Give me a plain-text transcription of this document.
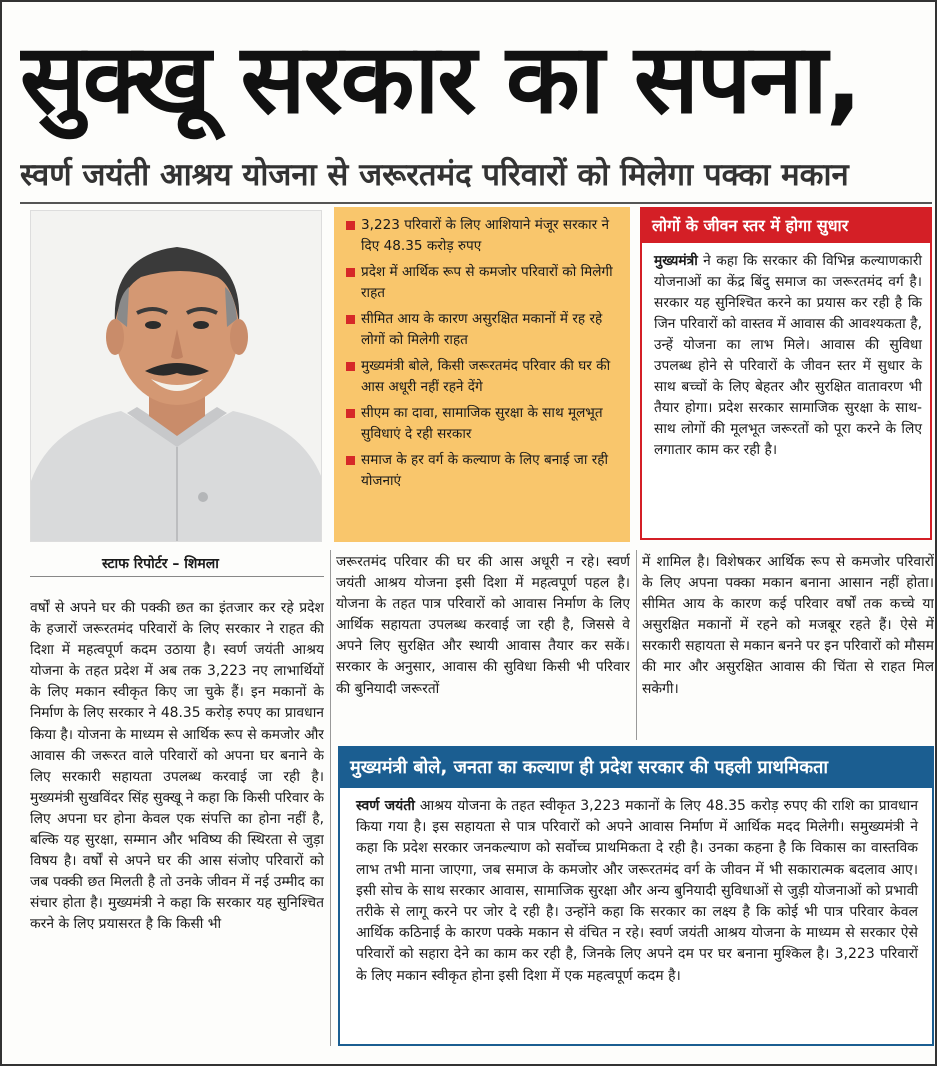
सुक्खू सरकार का सपना,
स्वर्ण जयंती आश्रय योजना से जरूरतमंद परिवारों को मिलेगा पक्का मकान
3,223 परिवारों के लिए आशियाने मंजूर सरकार ने दिए 48.35 करोड़ रुपए
प्रदेश में आर्थिक रूप से कमजोर परिवारों को मिलेगी राहत
सीमित आय के कारण असुरक्षित मकानों में रह रहे लोगों को मिलेगी राहत
मुख्यमंत्री बोले, किसी जरूरतमंद परिवार की घर की आस अधूरी नहीं रहने देंगे
सीएम का दावा, सामाजिक सुरक्षा के साथ मूलभूत सुविधाएं दे रही सरकार
समाज के हर वर्ग के कल्याण के लिए बनाई जा रही योजनाएं
लोगों के जीवन स्तर में होगा सुधार

मुख्यमंत्री ने कहा कि सरकार की विभिन्न कल्याणकारी योजनाओं का केंद्र बिंदु समाज का जरूरतमंद वर्ग है। सरकार यह सुनिश्चित करने का प्रयास कर रही है कि जिन परिवारों को वास्तव में आवास की आवश्यकता है, उन्हें योजना का लाभ मिले। आवास की सुविधा उपलब्ध होने से परिवारों के जीवन स्तर में सुधार के साथ बच्चों के लिए बेहतर और सुरक्षित वातावरण भी तैयार होगा। प्रदेश सरकार सामाजिक सुरक्षा के साथ-साथ लोगों की मूलभूत जरूरतों को पूरा करने के लिए लगातार काम कर रही है।

स्टाफ रिपोर्टर – शिमला

वर्षों से अपने घर की पक्की छत का इंतजार कर रहे प्रदेश के हजारों जरूरतमंद परिवारों के लिए सरकार ने राहत की दिशा में महत्वपूर्ण कदम उठाया है। स्वर्ण जयंती आश्रय योजना के तहत प्रदेश में अब तक 3,223 नए लाभार्थियों के लिए मकान स्वीकृत किए जा चुके हैं। इन मकानों के निर्माण के लिए सरकार ने 48.35 करोड़ रुपए का प्रावधान किया है। योजना के माध्यम से आर्थिक रूप से कमजोर और आवास की जरूरत वाले परिवारों को अपना घर बनाने के लिए सरकारी सहायता उपलब्ध करवाई जा रही है। मुख्यमंत्री सुखविंदर सिंह सुक्खू ने कहा कि किसी परिवार के लिए अपना घर होना केवल एक संपत्ति का होना नहीं है, बल्कि यह सुरक्षा, सम्मान और भविष्य की स्थिरता से जुड़ा विषय है। वर्षों से अपने घर की आस संजोए परिवारों को जब पक्की छत मिलती है तो उनके जीवन में नई उम्मीद का संचार होता है। मुख्यमंत्री ने कहा कि सरकार यह सुनिश्चित करने के लिए प्रयासरत है कि किसी भी

जरूरतमंद परिवार की घर की आस अधूरी न रहे। स्वर्ण जयंती आश्रय योजना इसी दिशा में महत्वपूर्ण पहल है। योजना के तहत पात्र परिवारों को आवास निर्माण के लिए आर्थिक सहायता उपलब्ध करवाई जा रही है, जिससे वे अपने लिए सुरक्षित और स्थायी आवास तैयार कर सकें। सरकार के अनुसार, आवास की सुविधा किसी भी परिवार की बुनियादी जरूरतों

में शामिल है। विशेषकर आर्थिक रूप से कमजोर परिवारों के लिए अपना पक्का मकान बनाना आसान नहीं होता। सीमित आय के कारण कई परिवार वर्षों तक कच्चे या असुरक्षित मकानों में रहने को मजबूर रहते हैं। ऐसे में सरकारी सहायता से मकान बनने पर इन परिवारों को मौसम की मार और असुरक्षित आवास की चिंता से राहत मिल सकेगी।

मुख्यमंत्री बोले, जनता का कल्याण ही प्रदेश सरकार की पहली प्राथमिकता

स्वर्ण जयंती आश्रय योजना के तहत स्वीकृत 3,223 मकानों के लिए 48.35 करोड़ रुपए की राशि का प्रावधान किया गया है। इस सहायता से पात्र परिवारों को अपने आवास निर्माण में आर्थिक मदद मिलेगी। समुख्यमंत्री ने कहा कि प्रदेश सरकार जनकल्याण को सर्वोच्च प्राथमिकता दे रही है। उनका कहना है कि विकास का वास्तविक लाभ तभी माना जाएगा, जब समाज के कमजोर और जरूरतमंद वर्ग के जीवन में भी सकारात्मक बदलाव आए। इसी सोच के साथ सरकार आवास, सामाजिक सुरक्षा और अन्य बुनियादी सुविधाओं से जुड़ी योजनाओं को प्रभावी तरीके से लागू करने पर जोर दे रही है। उन्होंने कहा कि सरकार का लक्ष्य है कि कोई भी पात्र परिवार केवल आर्थिक कठिनाई के कारण पक्के मकान से वंचित न रहे। स्वर्ण जयंती आश्रय योजना के माध्यम से सरकार ऐसे परिवारों को सहारा देने का काम कर रही है, जिनके लिए अपने दम पर घर बनाना मुश्किल है। 3,223 परिवारों के लिए मकान स्वीकृत होना इसी दिशा में एक महत्वपूर्ण कदम है।
